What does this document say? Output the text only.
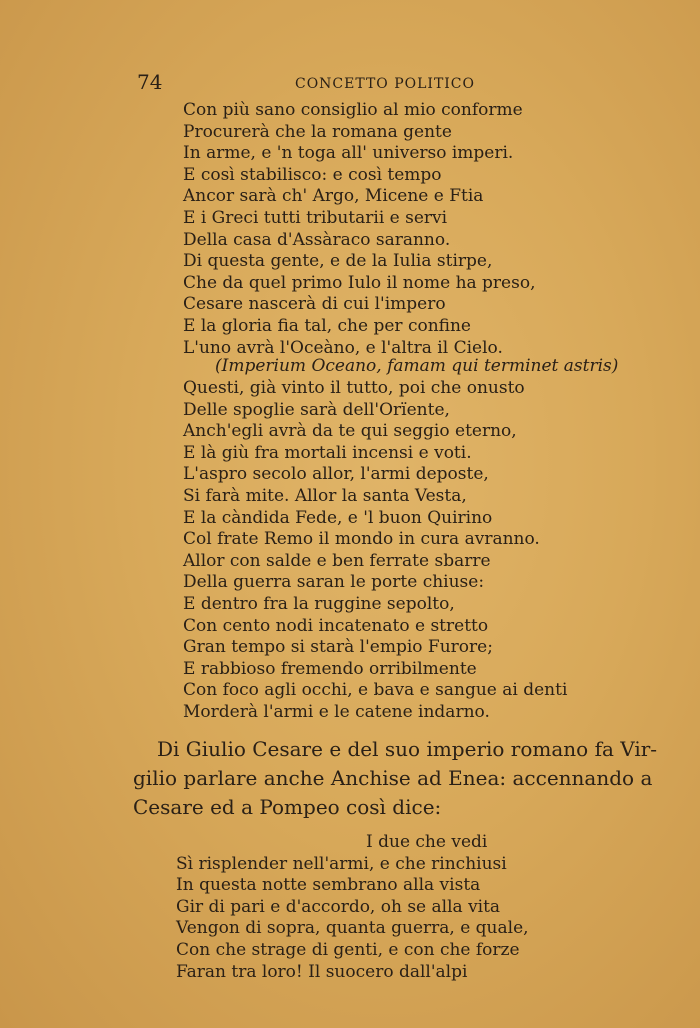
74	CONCETTO POLITICO
Con più sano consiglio al mio conforme
Procurerà che la romana gente
In arme, e 'n toga all' universo imperi.
E così stabilisco: e così tempo
Ancor sarà ch' Argo, Micene e Ftia
E i Greci tutti tributarii e servi
Della casa d'Assàraco saranno.
Di questa gente, e de la Iulia stirpe,
Che da quel primo Iulo il nome ha preso,
Cesare nascerà di cui l'impero
E la gloria fia tal, che per confine
L'uno avrà l'Oceàno, e l'altra il Cielo.
(Imperium Oceano, famam qui terminet astris)
Questi, già vinto il tutto, poi che onusto
Delle spoglie sarà dell'Orïente,
Anch'egli avrà da te qui seggio eterno,
E là giù fra mortali incensi e voti.
L'aspro secolo allor, l'armi deposte,
Si farà mite. Allor la santa Vesta,
E la càndida Fede, e 'l buon Quirino
Col frate Remo il mondo in cura avranno.
Allor con salde e ben ferrate sbarre
Della guerra saran le porte chiuse:
E dentro fra la ruggine sepolto,
Con cento nodi incatenato e stretto
Gran tempo si starà l'empio Furore;
E rabbioso fremendo orribilmente
Con foco agli occhi, e bava e sangue ai denti
Morderà l'armi e le catene indarno.
Di Giulio Cesare e del suo imperio romano fa Vir-
gilio parlare anche Anchise ad Enea: accennando a
Cesare ed a Pompeo così dice:
I due che vedi
Sì risplender nell'armi, e che rinchiusi
In questa notte sembrano alla vista
Gir di pari e d'accordo, oh se alla vita
Vengon di sopra, quanta guerra, e quale,
Con che strage di genti, e con che forze
Faran tra loro! Il suocero dall'alpi
